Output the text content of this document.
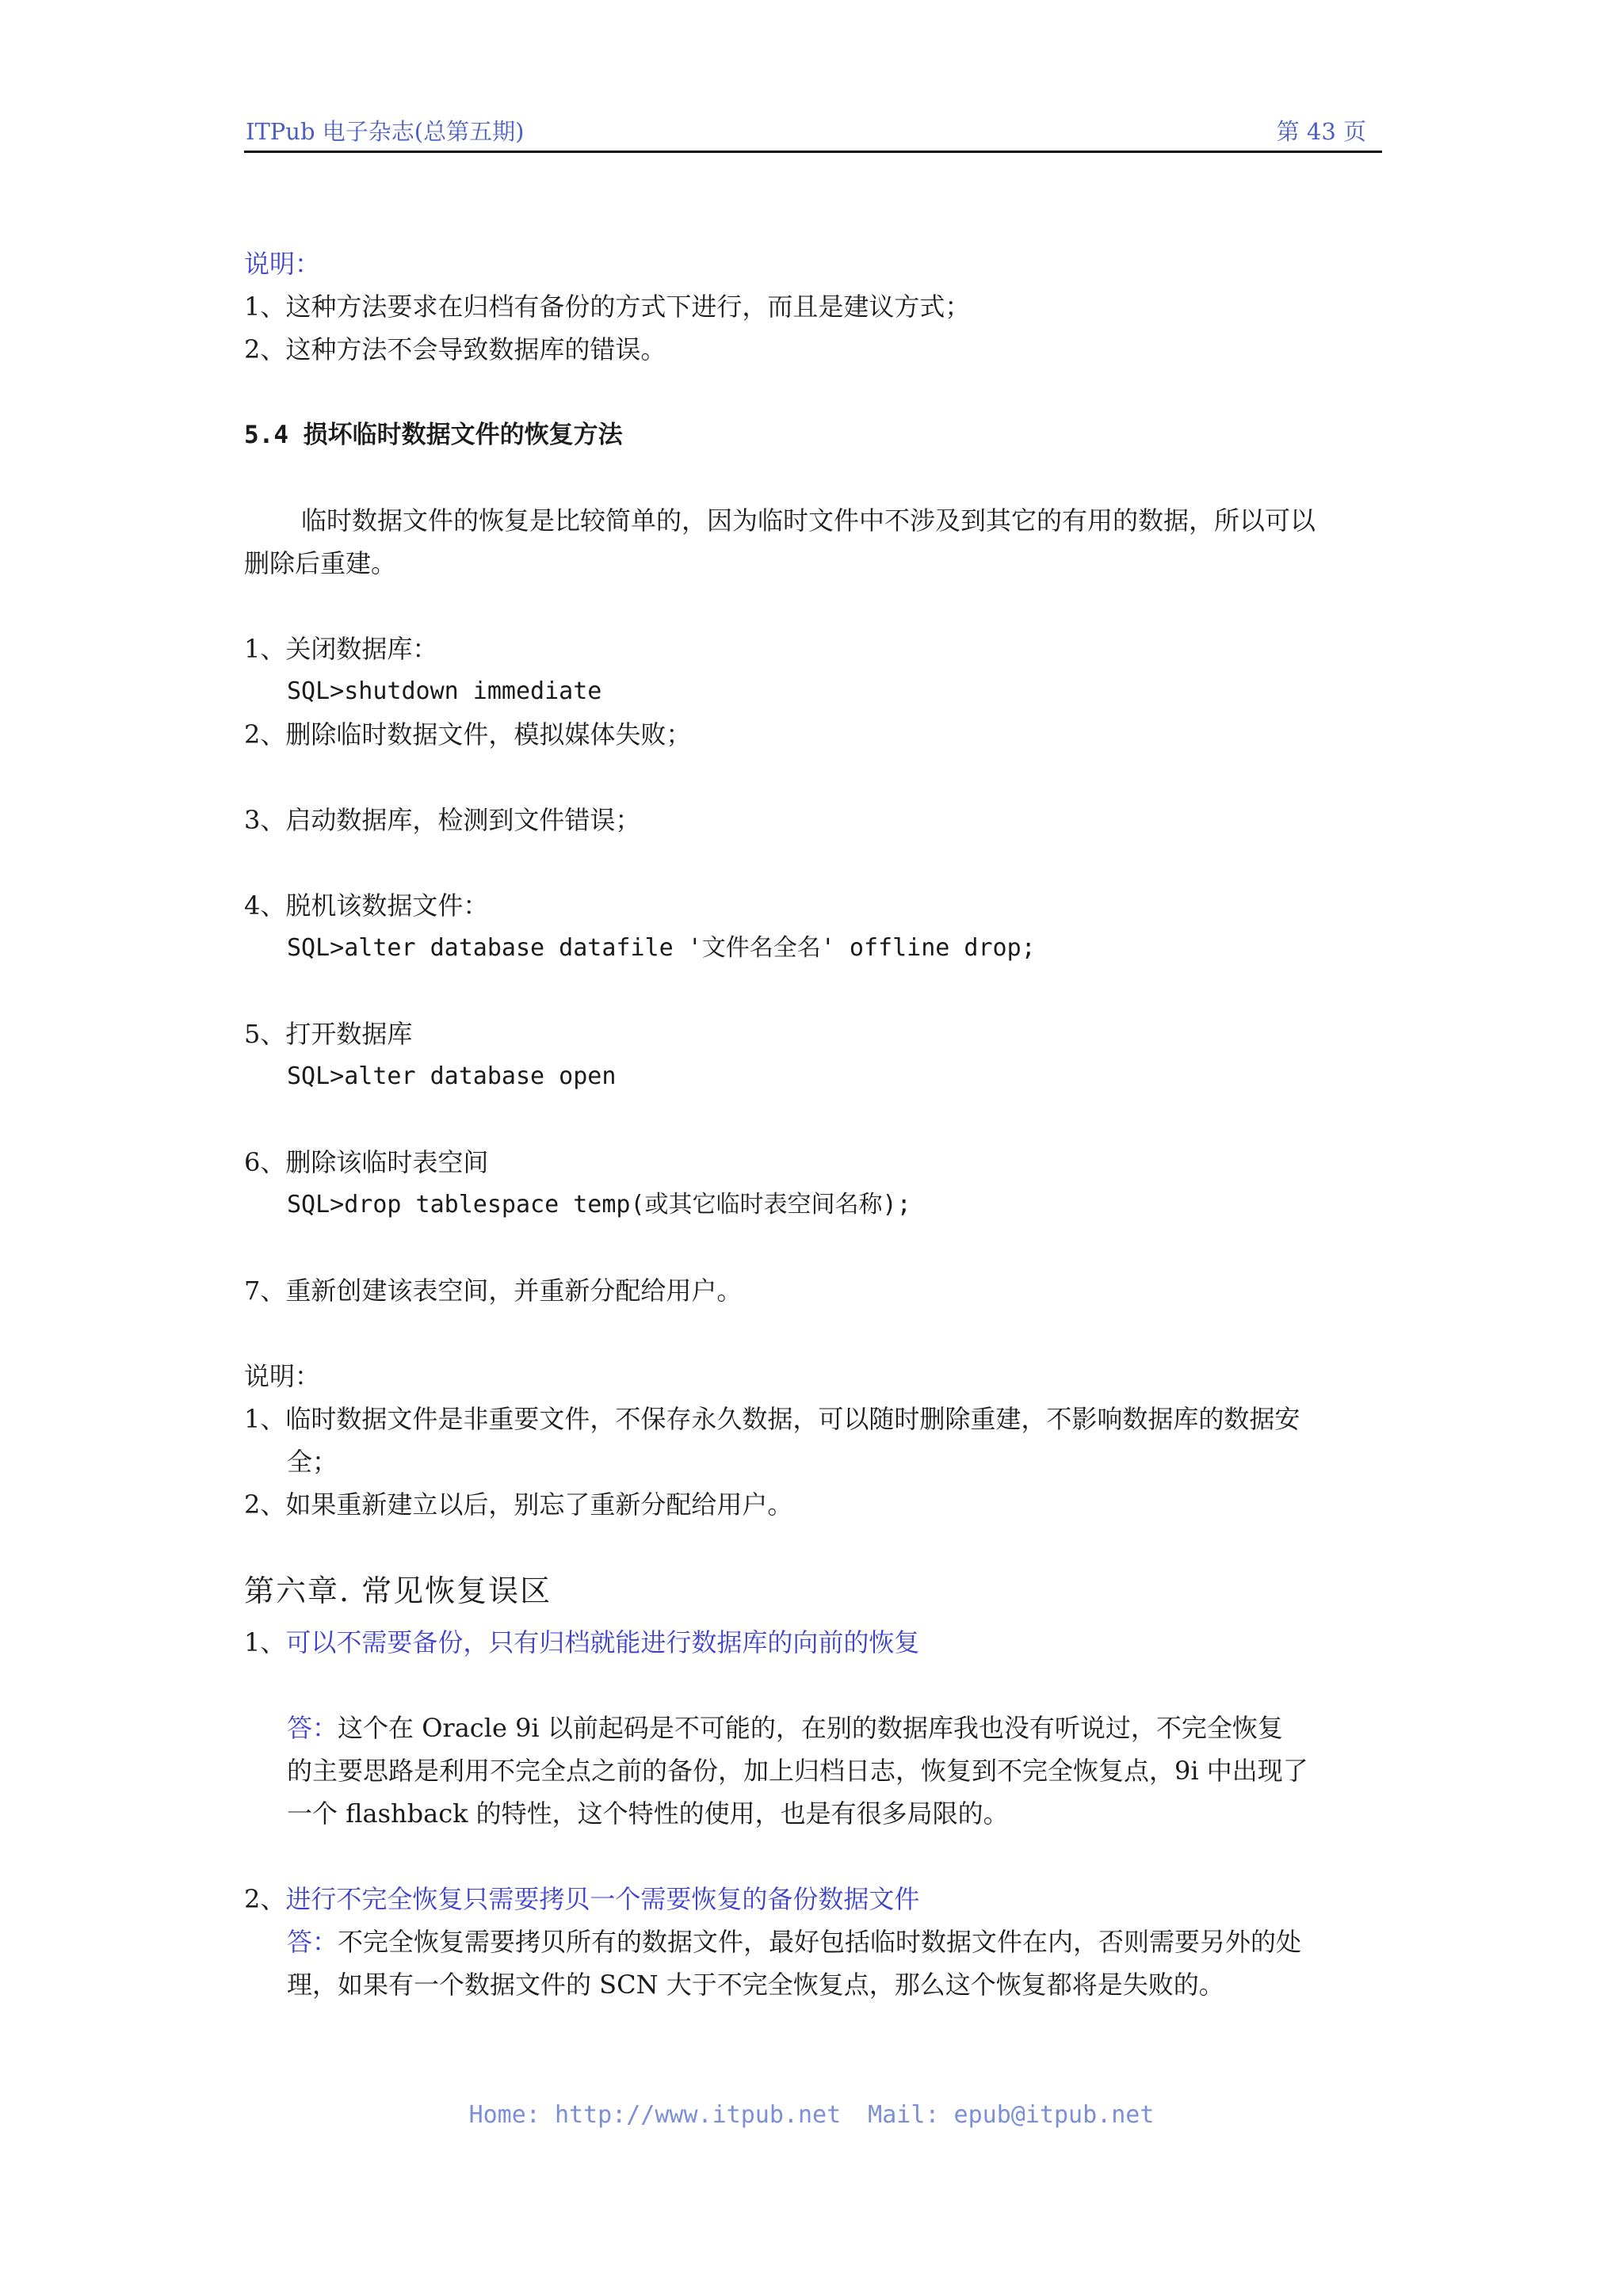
ITPub 电子杂志(总第五期)	第 43 页
说明：
1、这种方法要求在归档有备份的方式下进行，而且是建议方式；
2、这种方法不会导致数据库的错误。
5.4 损坏临时数据文件的恢复方法
临时数据文件的恢复是比较简单的，因为临时文件中不涉及到其它的有用的数据，所以可以
删除后重建。
1、关闭数据库：
SQL>shutdown immediate
2、删除临时数据文件，模拟媒体失败；
3、启动数据库，检测到文件错误；
4、脱机该数据文件：
SQL>alter database datafile '文件名全名' offline drop;
5、打开数据库
SQL>alter database open
6、删除该临时表空间
SQL>drop tablespace temp(或其它临时表空间名称);
7、重新创建该表空间，并重新分配给用户。
说明：
1、临时数据文件是非重要文件，不保存永久数据，可以随时删除重建，不影响数据库的数据安
全；
2、如果重新建立以后，别忘了重新分配给用户。
第六章. 常见恢复误区
1、可以不需要备份，只有归档就能进行数据库的向前的恢复
答：这个在 Oracle 9i 以前起码是不可能的，在别的数据库我也没有听说过，不完全恢复
的主要思路是利用不完全点之前的备份，加上归档日志，恢复到不完全恢复点，9i 中出现了
一个 flashback 的特性，这个特性的使用，也是有很多局限的。
2、进行不完全恢复只需要拷贝一个需要恢复的备份数据文件
答：不完全恢复需要拷贝所有的数据文件，最好包括临时数据文件在内，否则需要另外的处
理，如果有一个数据文件的 SCN 大于不完全恢复点，那么这个恢复都将是失败的。
Home: http://www.itpub.net Mail: epub@itpub.net
